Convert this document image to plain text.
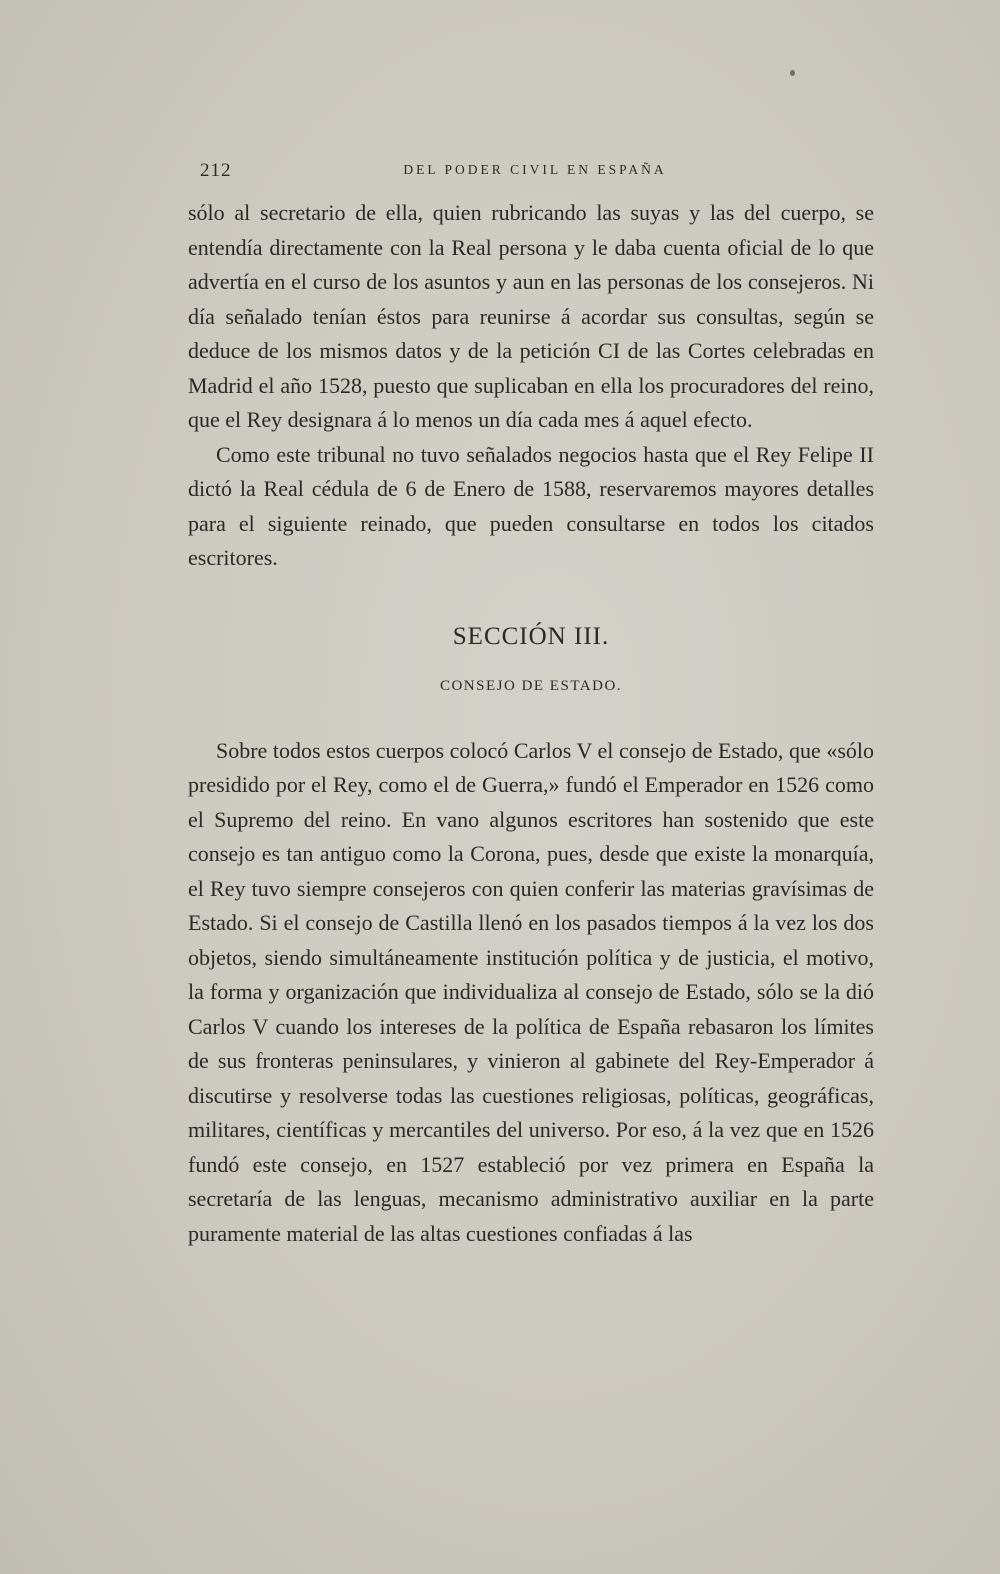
212	DEL PODER CIVIL EN ESPAÑA

sólo al secretario de ella, quien rubricando las suyas y las del cuerpo, se entendía directamente con la Real persona y le daba cuenta oficial de lo que advertía en el curso de los asuntos y aun en las personas de los consejeros. Ni día señalado tenían éstos para reunirse á acordar sus consultas, según se deduce de los mismos datos y de la petición CI de las Cortes celebradas en Madrid el año 1528, puesto que suplicaban en ella los procuradores del reino, que el Rey designara á lo menos un día cada mes á aquel efecto.

Como este tribunal no tuvo señalados negocios hasta que el Rey Felipe II dictó la Real cédula de 6 de Enero de 1588, reservaremos mayores detalles para el siguiente reinado, que pueden consultarse en todos los citados escritores.

SECCIÓN III.
CONSEJO DE ESTADO.

Sobre todos estos cuerpos colocó Carlos V el consejo de Estado, que «sólo presidido por el Rey, como el de Guerra,» fundó el Emperador en 1526 como el Supremo del reino. En vano algunos escritores han sostenido que este consejo es tan antiguo como la Corona, pues, desde que existe la monarquía, el Rey tuvo siempre consejeros con quien conferir las materias gravísimas de Estado. Si el consejo de Castilla llenó en los pasados tiempos á la vez los dos objetos, siendo simultáneamente institución política y de justicia, el motivo, la forma y organización que individualiza al consejo de Estado, sólo se la dió Carlos V cuando los intereses de la política de España rebasaron los límites de sus fronteras peninsulares, y vinieron al gabinete del Rey-Emperador á discutirse y resolverse todas las cuestiones religiosas, políticas, geográficas, militares, científicas y mercantiles del universo. Por eso, á la vez que en 1526 fundó este consejo, en 1527 estableció por vez primera en España la secretaría de las lenguas, mecanismo administrativo auxiliar en la parte puramente material de las altas cuestiones confiadas á las
